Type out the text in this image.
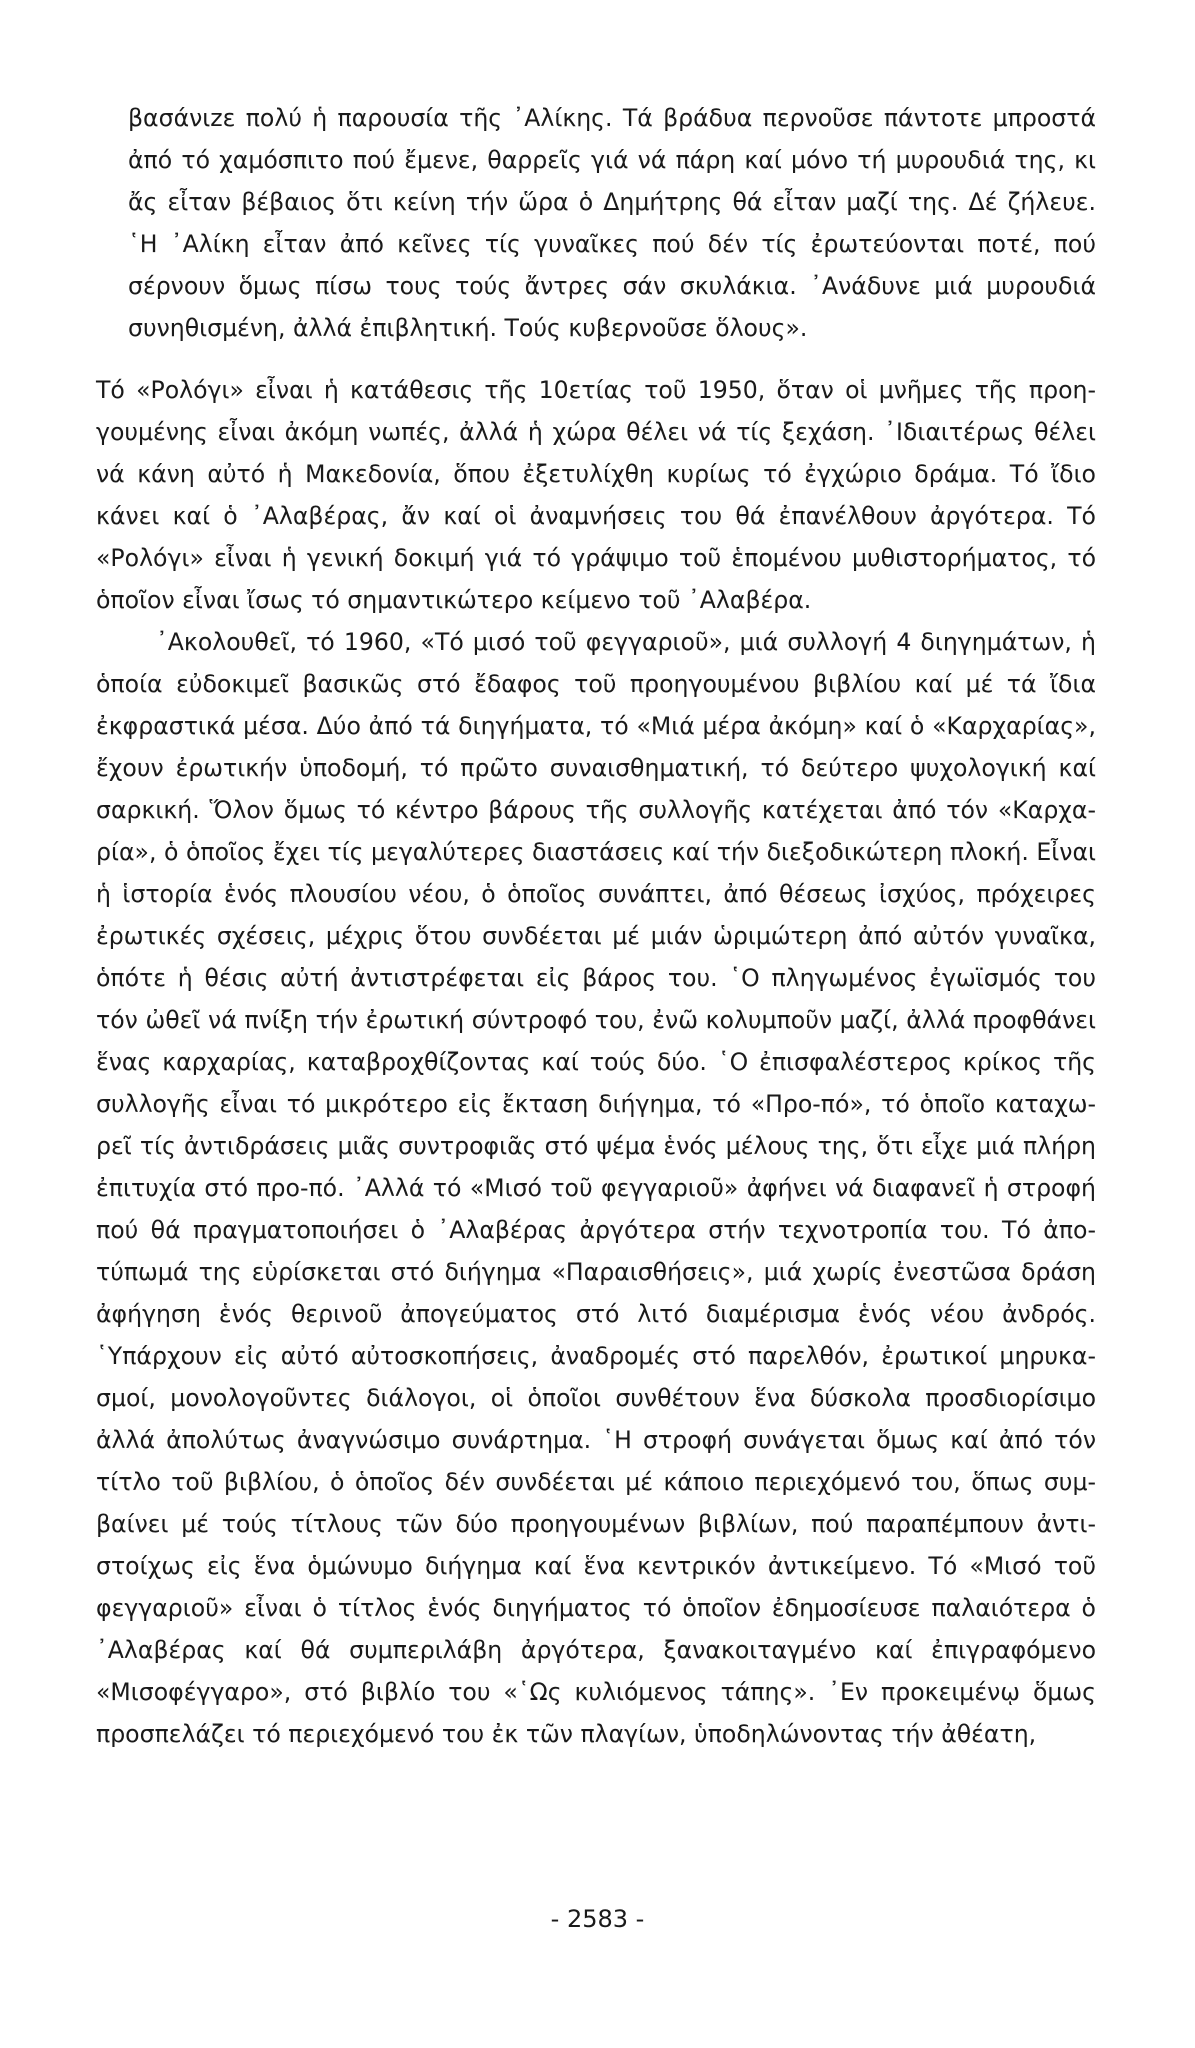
βασάνιzε πολύ ἡ παρουσία τῆς ᾿Αλίκης. Τά βράδυα περνοῦσε πάντοτε μπροστά ἀπό τό χαμόσπιτο πού ἔμενε, θαρρεῖς γιά νά πάρη καί μόνο τή μυρουδιά της, κι ἄς εἶταν βέβαιος ὅτι κείνη τήν ὥρα ὁ Δημήτρης θά εἶταν μαζί της. Δέ ζήλευε. ῾Η ᾿Αλίκη εἶταν ἀπό κεῖνες τίς γυναῖκες πού δέν τίς ἐρωτεύονται ποτέ, πού σέρνουν ὅμως πίσω τους τούς ἄντρες σάν σκυλάκια. ᾿Ανάδυνε μιά μυρουδιά συνηθισμένη, ἀλλά ἐπιβλητική. Τούς κυβερνοῦσε ὅλους».

Τό «Ρολόγι» εἶναι ἡ κατάθεσις τῆς 10ετίας τοῦ 1950, ὅταν οἱ μνῆμες τῆς προηγουμένης εἶναι ἀκόμη νωπές, ἀλλά ἡ χώρα θέλει νά τίς ξεχάση. ᾿Ιδιαιτέρως θέλει νά κάνη αὐτό ἡ Μακεδονία, ὅπου ἐξετυλίχθη κυρίως τό ἐγχώριο δράμα. Τό ἴδιο κάνει καί ὁ ᾿Αλαβέρας, ἄν καί οἱ ἀναμνήσεις του θά ἐπανέλθουν ἀργότερα. Τό «Ρολόγι» εἶναι ἡ γενική δοκιμή γιά τό γράψιμο τοῦ ἑπομένου μυθιστορήματος, τό ὁποῖον εἶναι ἴσως τό σημαντικώτερο κείμενο τοῦ ᾿Αλαβέρα.

᾿Ακολουθεῖ, τό 1960, «Τό μισό τοῦ φεγγαριοῦ», μιά συλλογή 4 διηγημάτων, ἡ ὁποία εὐδοκιμεῖ βασικῶς στό ἔδαφος τοῦ προηγουμένου βιβλίου καί μέ τά ἴδια ἐκφραστικά μέσα. Δύο ἀπό τά διηγήματα, τό «Μιά μέρα ἀκόμη» καί ὁ «Καρχαρίας», ἔχουν ἐρωτικήν ὑποδομή, τό πρῶτο συναισθηματική, τό δεύτερο ψυχολογική καί σαρκική. Ὅλον ὅμως τό κέντρο βάρους τῆς συλλογῆς κατέχεται ἀπό τόν «Καρχαρία», ὁ ὁποῖος ἔχει τίς μεγαλύτερες διαστάσεις καί τήν διεξοδικώτερη πλοκή. Εἶναι ἡ ἱστορία ἑνός πλουσίου νέου, ὁ ὁποῖος συνάπτει, ἀπό θέσεως ἰσχύος, πρόχειρες ἐρωτικές σχέσεις, μέχρις ὅτου συνδέεται μέ μιάν ὡριμώτερη ἀπό αὐτόν γυναῖκα, ὁπότε ἡ θέσις αὐτή ἀντιστρέφεται εἰς βάρος του. ῾Ο πληγωμένος ἐγωϊσμός του τόν ὠθεῖ νά πνίξη τήν ἐρωτική σύντροφό του, ἐνῶ κολυμποῦν μαζί, ἀλλά προφθάνει ἕνας καρχαρίας, καταβροχθίζοντας καί τούς δύο. ῾Ο ἐπισφαλέστερος κρίκος τῆς συλλογῆς εἶναι τό μικρότερο εἰς ἔκταση διήγημα, τό «Προ-πό», τό ὁποῖο καταχωρεῖ τίς ἀντιδράσεις μιᾶς συντροφιᾶς στό ψέμα ἑνός μέλους της, ὅτι εἶχε μιά πλήρη ἐπιτυχία στό προ-πό. ᾿Αλλά τό «Μισό τοῦ φεγγαριοῦ» ἀφήνει νά διαφανεῖ ἡ στροφή πού θά πραγματοποιήσει ὁ ᾿Αλαβέρας ἀργότερα στήν τεχνοτροπία του. Τό ἀποτύπωμά της εὑρίσκεται στό διήγημα «Παραισθήσεις», μιά χωρίς ἐνεστῶσα δράση ἀφήγηση ἑνός θερινοῦ ἀπογεύματος στό λιτό διαμέρισμα ἑνός νέου ἀνδρός. ῾Υπάρχουν εἰς αὐτό αὐτοσκοπήσεις, ἀναδρομές στό παρελθόν, ἐρωτικοί μηρυκασμοί, μονολογοῦντες διάλογοι, οἱ ὁποῖοι συνθέτουν ἕνα δύσκολα προσδιορίσιμο ἀλλά ἀπολύτως ἀναγνώσιμο συνάρτημα. ῾Η στροφή συνάγεται ὅμως καί ἀπό τόν τίτλο τοῦ βιβλίου, ὁ ὁποῖος δέν συνδέεται μέ κάποιο περιεχόμενό του, ὅπως συμβαίνει μέ τούς τίτλους τῶν δύο προηγουμένων βιβλίων, πού παραπέμπουν ἀντιστοίχως εἰς ἕνα ὁμώνυμο διήγημα καί ἕνα κεντρικόν ἀντικείμενο. Τό «Μισό τοῦ φεγγαριοῦ» εἶναι ὁ τίτλος ἑνός διηγήματος τό ὁποῖον ἐδημοσίευσε παλαιότερα ὁ ᾿Αλαβέρας καί θά συμπεριλάβη ἀργότερα, ξανακοιταγμένο καί ἐπιγραφόμενο «Μισοφέγγαρο», στό βιβλίο του «῾Ως κυλιόμενος τάπης». ᾿Εν προκειμένῳ ὅμως προσπελάζει τό περιεχόμενό του ἐκ τῶν πλαγίων, ὑποδηλώνοντας τήν ἀθέατη,

- 2583 -
